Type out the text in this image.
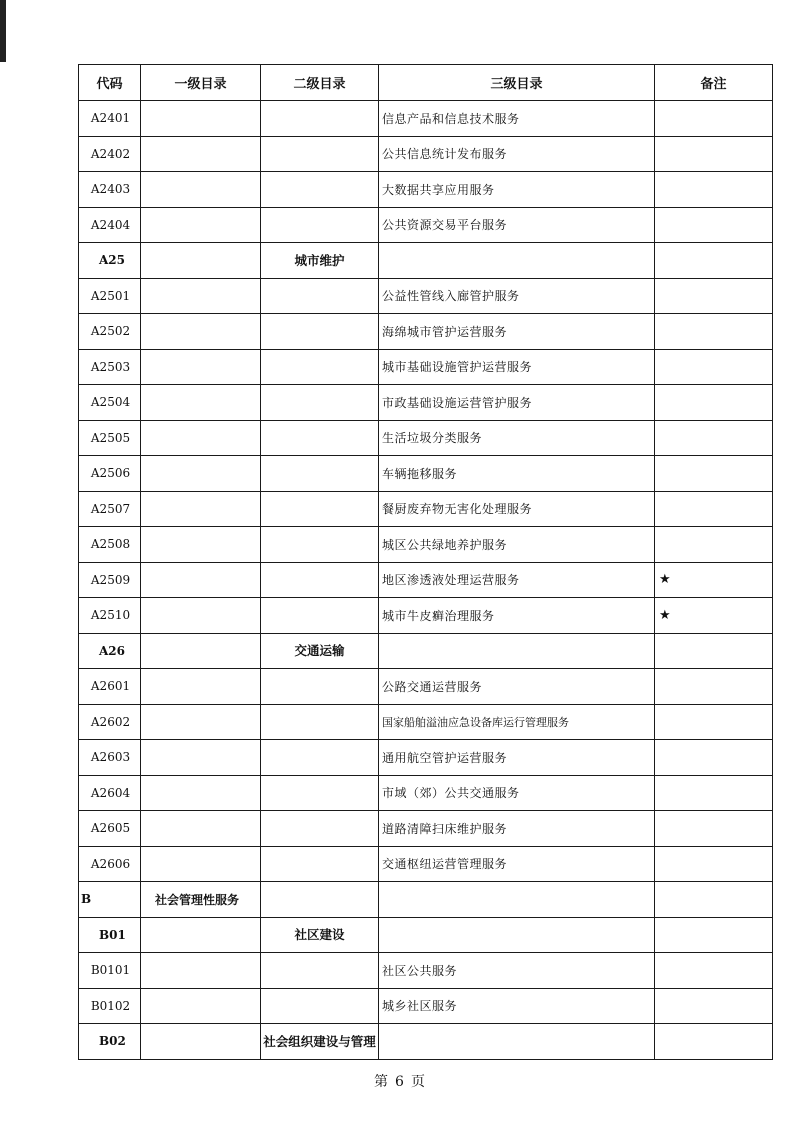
代码	一级目录	二级目录	三级目录	备注
A2401			信息产品和信息技术服务	
A2402			公共信息统计发布服务	
A2403			大数据共享应用服务	
A2404			公共资源交易平台服务	
A25		城市维护		
A2501			公益性管线入廊管护服务	
A2502			海绵城市管护运营服务	
A2503			城市基础设施管护运营服务	
A2504			市政基础设施运营管护服务	
A2505			生活垃圾分类服务	
A2506			车辆拖移服务	
A2507			餐厨废弃物无害化处理服务	
A2508			城区公共绿地养护服务	
A2509			地区渗透液处理运营服务	★
A2510			城市牛皮癣治理服务	★
A26		交通运输		
A2601			公路交通运营服务	
A2602			国家船舶溢油应急设备库运行管理服务	
A2603			通用航空管护运营服务	
A2604			市域（郊）公共交通服务	
A2605			道路清障扫床维护服务	
A2606			交通枢纽运营管理服务	
B	社会管理性服务			
B01		社区建设		
B0101			社区公共服务	
B0102			城乡社区服务	
B02		社会组织建设与管理		
第 6 页
